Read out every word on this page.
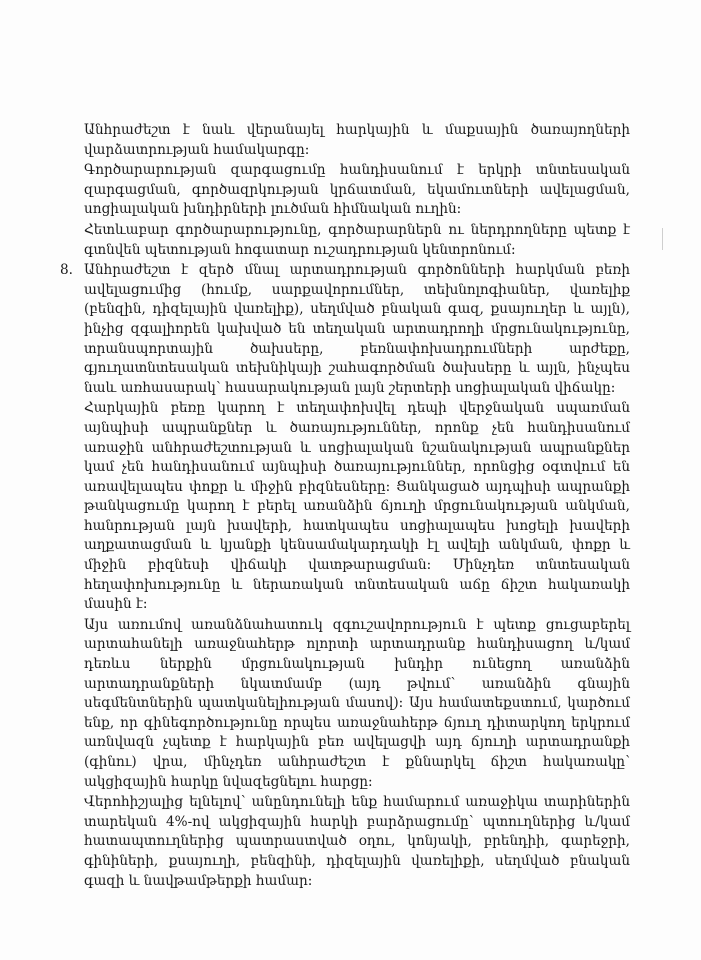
Անհրաժեշտ է նաև վերանայել հարկային և մաքսային ծառայողների վարձատրության համակարգը:

Գործարարության զարգացումը հանդիսանում է երկրի տնտեսական զարգացման, գործազրկության կրճատման, եկամուտների ավելացման, սոցիալական խնդիրների լուծման հիմնական ուղին:

Հետևաբար գործարարությունը, գործարարներն ու ներդրողները պետք է գտնվեն պետության հոգատար ուշադրության կենտրոնում:

8. Անհրաժեշտ է զերծ մնալ արտադրության գործոնների հարկման բեռի ավելացումից (հումք, սարքավորումներ, տեխնոլոգիաներ, վառելիք (բենզին, դիզելային վառելիք), սեղմված բնական գազ, քսայուղեր և այլն), ինչից զգալիորեն կախված են տեղական արտադրողի մրցունակությունը, տրանսպորտային ծախսերը, բեռնափոխադրումների արժեքը, գյուղատնտեսական տեխնիկայի շահագործման ծախսերը և այլն, ինչպես նաև առհասարակ՝ հասարակության լայն շերտերի սոցիալական վիճակը:

Հարկային բեռը կարող է տեղափոխվել դեպի վերջնական սպառման այնպիսի ապրանքներ և ծառայություններ, որոնք չեն հանդիսանում առաջին անհրաժեշտության և սոցիալական նշանակության ապրանքներ կամ չեն հանդիսանում այնպիսի ծառայություններ, որոնցից օգտվում են առավելապես փոքր և միջին բիզնեսները: Ցանկացած այդպիսի ապրանքի թանկացումը կարող է բերել առանձին ճյուղի մրցունակության անկման, հանրության լայն խավերի, հատկապես սոցիալապես խոցելի խավերի աղքատացման և կյանքի կենսամակարդակի էլ ավելի անկման, փոքր և միջին բիզնեսի վիճակի վատթարացման: Մինչդեռ տնտեսական հեղափոխությունը և ներառական տնտեսական աճը ճիշտ հակառակի մասին է:

Այս առումով առանձնահատուկ զգուշավորություն է պետք ցուցաբերել արտահանելի առաջնահերթ ոլորտի արտադրանք հանդիսացող և/կամ դեռևս ներքին մրցունակության խնդիր ունեցող առանձին արտադրանքների նկատմամբ (այդ թվում՝ առանձին գնային սեգմենտներին պատկանելիության մասով): Այս համատեքստում, կարծում ենք, որ գինեգործությունը որպես առաջնահերթ ճյուղ դիտարկող երկրում առնվազն չպետք է հարկային բեռ ավելացվի այդ ճյուղի արտադրանքի (գինու) վրա, մինչդեռ անհրաժեշտ է քննարկել ճիշտ հակառակը՝ ակցիզային հարկը նվազեցնելու հարցը:

Վերոհիշյալից ելնելով՝ անընդունելի ենք համարում առաջիկա տարիներին տարեկան 4%-ով ակցիզային հարկի բարձրացումը՝ պտուղներից և/կամ հատապտուղներից պատրաստված օղու, կոնյակի, բրենդիի, գարեջրի, գինիների, քսայուղի, բենզինի, դիզելային վառելիքի, սեղմված բնական գազի և նավթամթերքի համար:
